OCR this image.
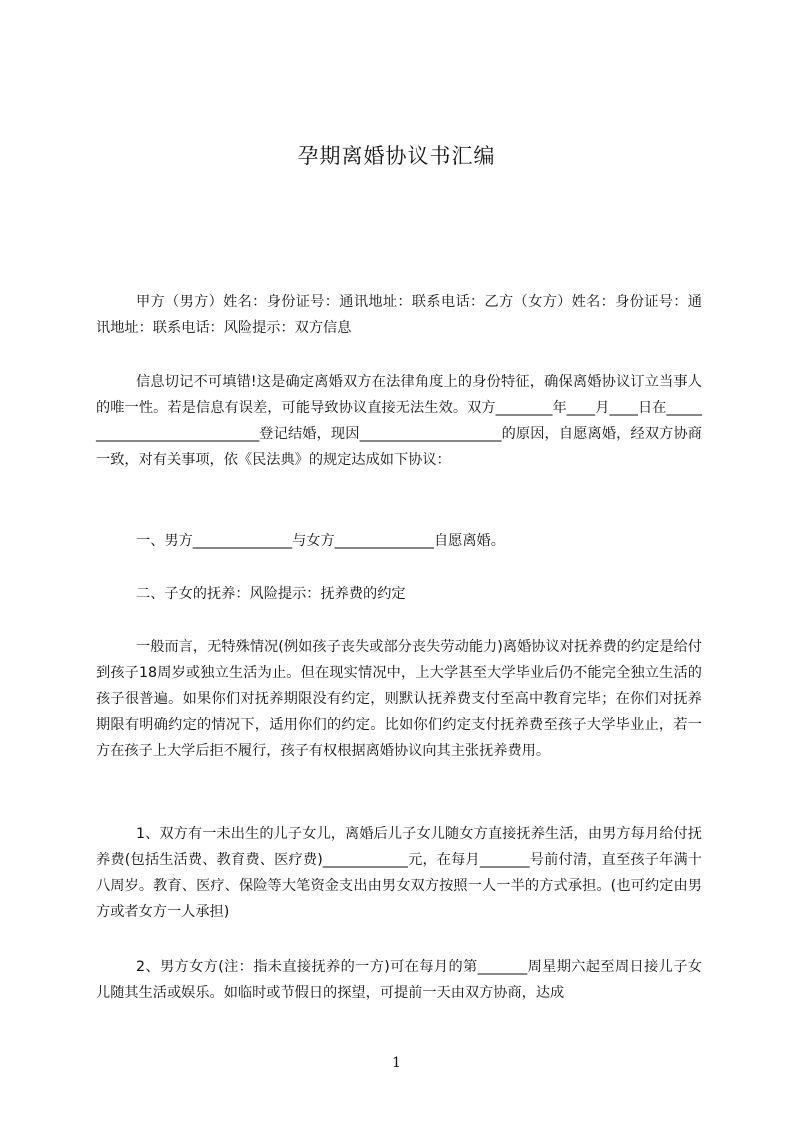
孕期离婚协议书汇编

甲方（男方）姓名：身份证号：通讯地址：联系电话：乙方（女方）姓名：身份证号：通讯地址：联系电话：风险提示：双方信息

信息切记不可填错!这是确定离婚双方在法律角度上的身份特征，确保离婚协议订立当事人的唯一性。若是信息有误差，可能导致协议直接无法生效。双方________年____月____日在____________________________登记结婚，现因____________________的原因，自愿离婚，经双方协商一致，对有关事项，依《民法典》的规定达成如下协议：

一、男方______________与女方______________自愿离婚。

二、子女的抚养：风险提示：抚养费的约定

一般而言，无特殊情况(例如孩子丧失或部分丧失劳动能力)离婚协议对抚养费的约定是给付到孩子18周岁或独立生活为止。但在现实情况中，上大学甚至大学毕业后仍不能完全独立生活的孩子很普遍。如果你们对抚养期限没有约定，则默认抚养费支付至高中教育完毕；在你们对抚养期限有明确约定的情况下，适用你们的约定。比如你们约定支付抚养费至孩子大学毕业止，若一方在孩子上大学后拒不履行，孩子有权根据离婚协议向其主张抚养费用。

1、双方有一未出生的儿子女儿，离婚后儿子女儿随女方直接抚养生活，由男方每月给付抚养费(包括生活费、教育费、医疗费)____________元，在每月_______号前付清，直至孩子年满十八周岁。教育、医疗、保险等大笔资金支出由男女双方按照一人一半的方式承担。(也可约定由男方或者女方一人承担)

2、男方女方(注：指未直接抚养的一方)可在每月的第_______周星期六起至周日接儿子女儿随其生活或娱乐。如临时或节假日的探望，可提前一天由双方协商，达成

1
